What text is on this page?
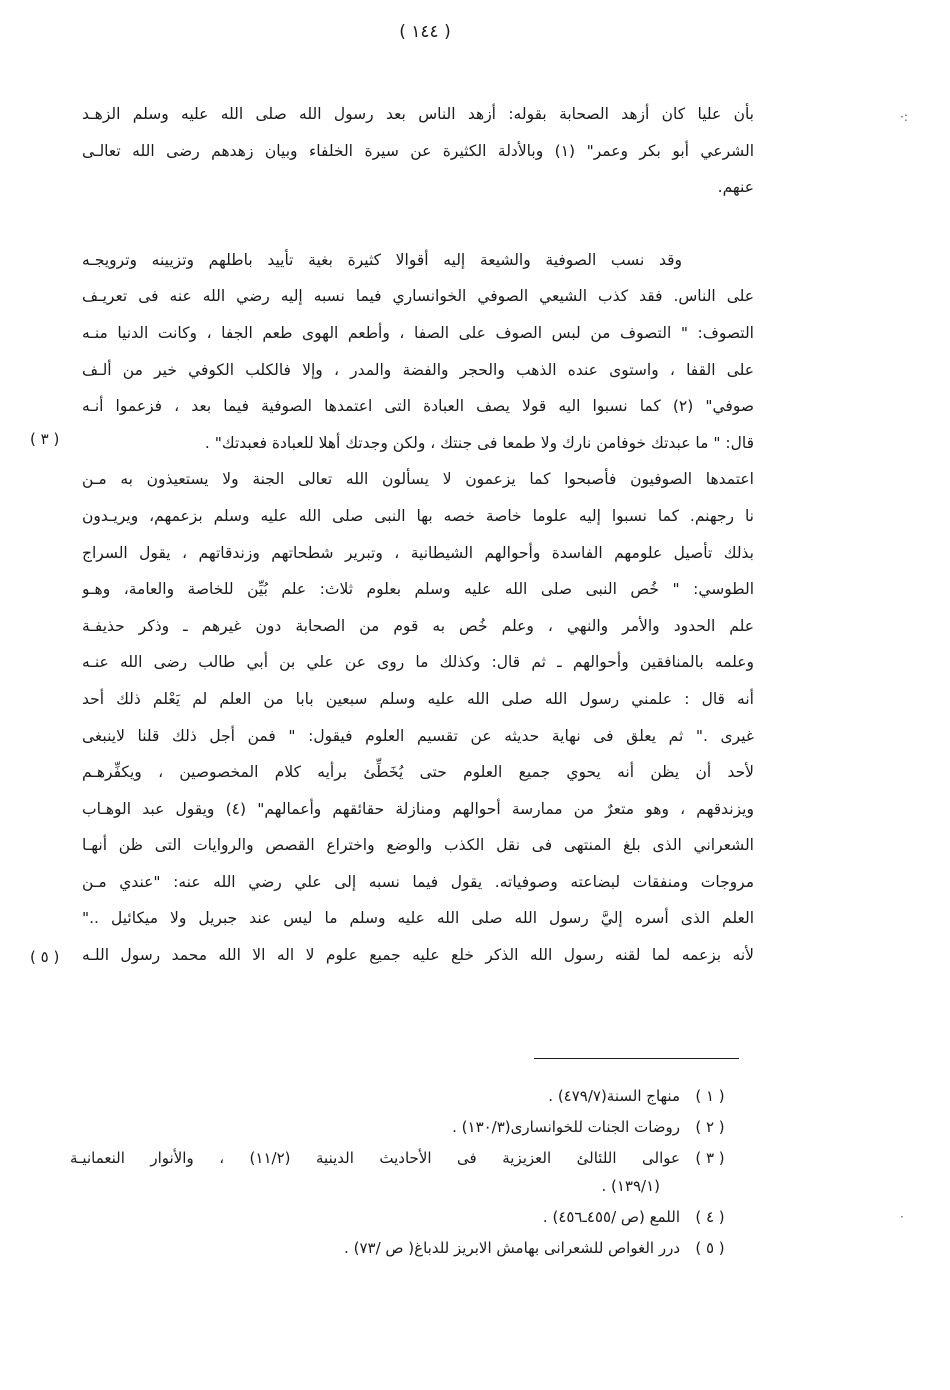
( ١٤٤ )
·:
·
بأن عليا كان أزهد الصحابة بقوله: أزهد الناس بعد رسول الله صلى الله عليه وسلم الزهـد
الشرعي أبو بكر وعمر" (١) وبالأدلة الكثيرة عن سيرة الخلفاء وبيان زهدهم رضى الله تعالـى
عنهم.
وقد نسب الصوفية والشيعة إليه أقوالا كثيرة بغية تأييد باطلهم وتزيينه وترويجـه
على الناس. فقد كذب الشيعي الصوفي الخوانساري فيما نسبه إليه رضي الله عنه فى تعريـف
التصوف: " التصوف من لبس الصوف على الصفا ، وأطعم الهوى طعم الجفا ، وكانت الدنيا منـه
على القفا ، واستوى عنده الذهب والحجر والفضة والمدر ، وإلا فالكلب الكوفي خير من ألـف
صوفي" (٢) كما نسبوا اليه قولا يصف العبادة التى اعتمدها الصوفية فيما بعد ، فزعموا أنـه
قال: " ما عبدتك خوفامن نارك ولا طمعا فى جنتك ، ولكن وجدتك أهلا للعبادة فعبدتك" .
اعتمدها الصوفيون فأصبحوا كما يزعمون لا يسألون الله تعالى الجنة ولا يستعيذون به مـن
نا رجهنم. كما نسبوا إليه علوما خاصة خصه بها النبى صلى الله عليه وسلم بزعمهم، ويريـدون
بذلك تأصيل علومهم الفاسدة وأحوالهم الشيطانية ، وتبرير شطحاتهم وزندقاتهم ، يقول السراج
الطوسي: " خُص النبى صلى الله عليه وسلم بعلوم ثلاث: علم بُيِّن للخاصة والعامة، وهـو
علم الحدود والأمر والنهي ، وعلم خُص به قوم من الصحابة دون غيرهم ـ وذكر حذيفـة
وعلمه بالمنافقين وأحوالهم ـ ثم قال: وكذلك ما روى عن علي بن أبي طالب رضى الله عنـه
أنه قال : علمني رسول الله صلى الله عليه وسلم سبعين بابا من العلم لم يَعْلم ذلك أحد
غيرى ." ثم يعلق فى نهاية حديثه عن تقسيم العلوم فيقول: " فمن أجل ذلك قلنا لاينبغى
لأحد أن يظن أنه يحوي جميع العلوم حتى يُخَطِّئ برأيه كلام المخصوصين ، ويكفِّرهـم
ويزندقهم ، وهو متعرٌ من ممارسة أحوالهم ومنازلة حقائقهم وأعمالهم" (٤) ويقول عبد الوهـاب
الشعراني الذى بلغ المنتهى فى نقل الكذب والوضع واختراع القصص والروايات التى ظن أنهـا
مروجات ومنفقات لبضاعته وصوفياته. يقول فيما نسبه إلى علي رضي الله عنه: "عندي مـن
العلم الذى أسره إليَّ رسول الله صلى الله عليه وسلم ما ليس عند جبريل ولا ميكائيل .."
لأنه بزعمه لما لقنه رسول الله الذكر خلع عليه جميع علوم لا اله الا الله محمد رسول اللـه
( ٣ )
( ٥ )
( ١ )
منهاج السنة(٤٧٩/٧) .
( ٢ )
روضات الجنات للخوانسارى(١٣٠/٣) .
( ٣ )
عوالى اللئالئ العزيزية فى الأحاديث الدينية (١١/٢) ، والأنوار النعمانيـة
(١٣٩/١) .
( ٤ )
اللمع (ص /٤٥٥ـ٤٥٦) .
( ٥ )
درر الغواص للشعرانى بهامش الابريز للدباغ( ص /٧٣) .
